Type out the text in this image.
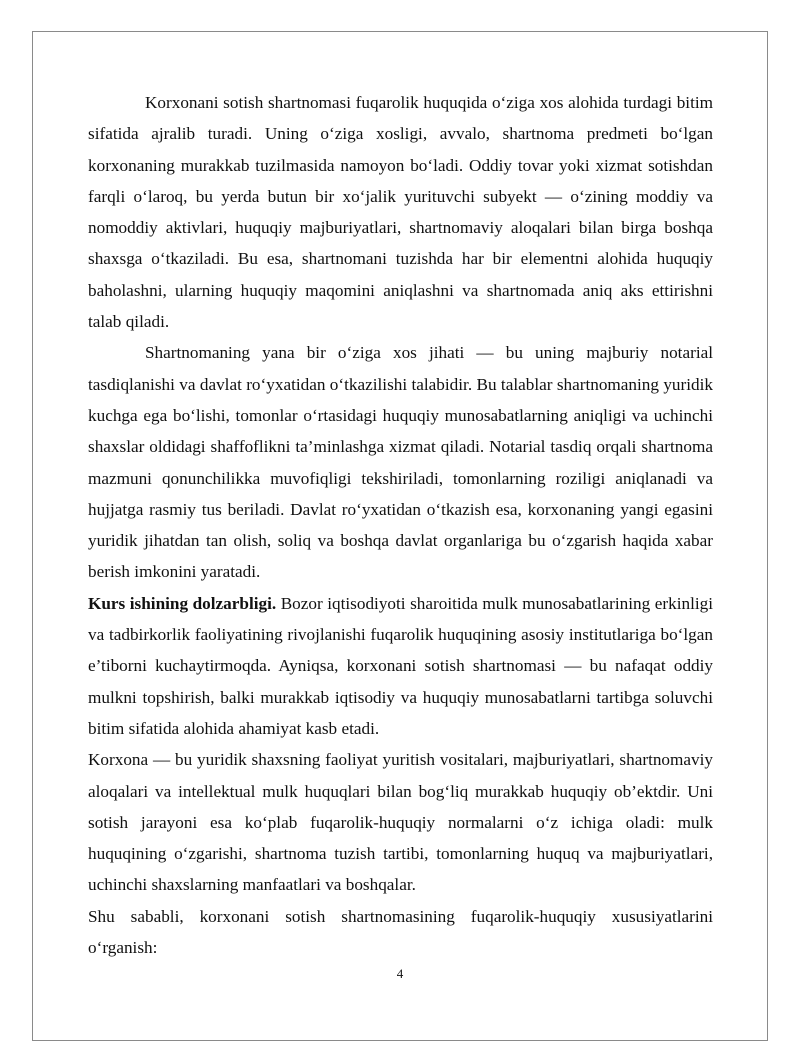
Korxonani sotish shartnomasi fuqarolik huquqida o‘ziga xos alohida turdagi bitim sifatida ajralib turadi. Uning o‘ziga xosligi, avvalo, shartnoma predmeti bo‘lgan korxonaning murakkab tuzilmasida namoyon bo‘ladi. Oddiy tovar yoki xizmat sotishdan farqli o‘laroq, bu yerda butun bir xo‘jalik yurituvchi subyekt — o‘zining moddiy va nomoddiy aktivlari, huquqiy majburiyatlari, shartnomaviy aloqalari bilan birga boshqa shaxsga o‘tkaziladi. Bu esa, shartnomani tuzishda har bir elementni alohida huquqiy baholashni, ularning huquqiy maqomini aniqlashni va shartnomada aniq aks ettirishni talab qiladi.

Shartnomaning yana bir o‘ziga xos jihati — bu uning majburiy notarial tasdiqlanishi va davlat ro‘yxatidan o‘tkazilishi talabidir. Bu talablar shartnomaning yuridik kuchga ega bo‘lishi, tomonlar o‘rtasidagi huquqiy munosabatlarning aniqligi va uchinchi shaxslar oldidagi shaffoflikni ta’minlashga xizmat qiladi. Notarial tasdiq orqali shartnoma mazmuni qonunchilikka muvofiqligi tekshiriladi, tomonlarning roziligi aniqlanadi va hujjatga rasmiy tus beriladi. Davlat ro‘yxatidan o‘tkazish esa, korxonaning yangi egasini yuridik jihatdan tan olish, soliq va boshqa davlat organlariga bu o‘zgarish haqida xabar berish imkonini yaratadi.

Kurs ishining dolzarbligi. Bozor iqtisodiyoti sharoitida mulk munosabatlarining erkinligi va tadbirkorlik faoliyatining rivojlanishi fuqarolik huquqining asosiy institutlariga bo‘lgan e’tiborni kuchaytirmoqda. Ayniqsa, korxonani sotish shartnomasi — bu nafaqat oddiy mulkni topshirish, balki murakkab iqtisodiy va huquqiy munosabatlarni tartibga soluvchi bitim sifatida alohida ahamiyat kasb etadi.

Korxona — bu yuridik shaxsning faoliyat yuritish vositalari, majburiyatlari, shartnomaviy aloqalari va intellektual mulk huquqlari bilan bog‘liq murakkab huquqiy ob’ektdir. Uni sotish jarayoni esa ko‘plab fuqarolik-huquqiy normalarni o‘z ichiga oladi: mulk huquqining o‘zgarishi, shartnoma tuzish tartibi, tomonlarning huquq va majburiyatlari, uchinchi shaxslarning manfaatlari va boshqalar.

Shu sababli, korxonani sotish shartnomasining fuqarolik-huquqiy xususiyatlarini o‘rganish:

4
